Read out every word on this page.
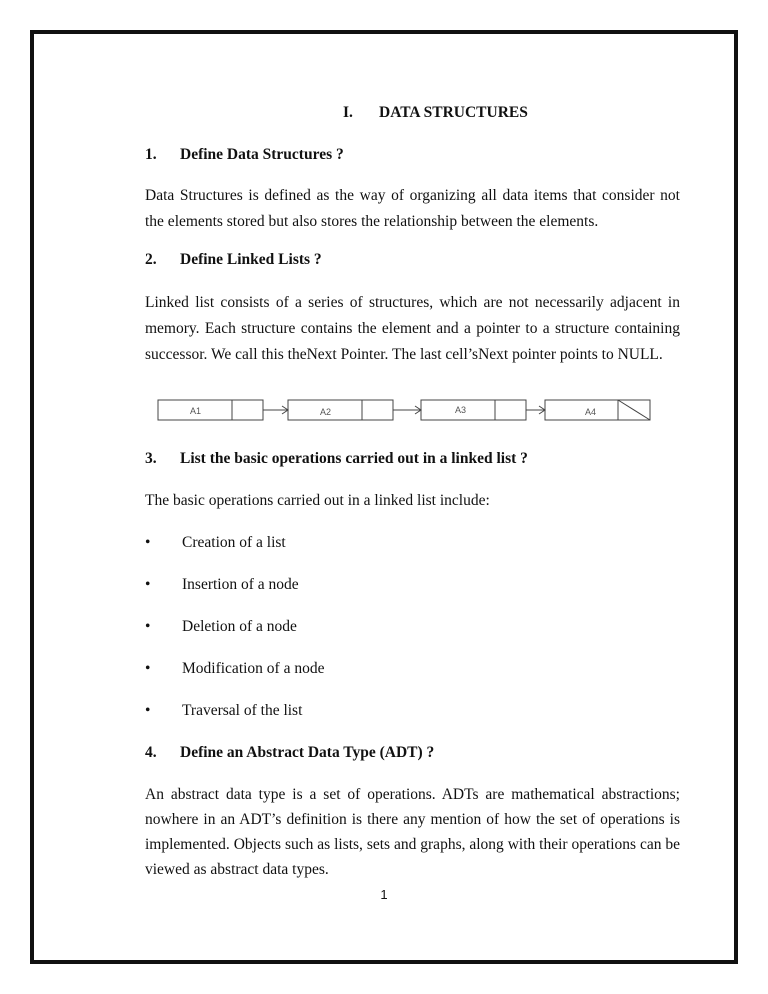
I. DATA STRUCTURES
1. Define Data Structures ?
Data Structures is defined as the way of organizing all data items that consider not
the elements stored but also stores the relationship between the elements.
2. Define Linked Lists ?
Linked list consists of a series of structures, which are not necessarily adjacent in
memory. Each structure contains the element and a pointer to a structure containing
successor. We call this theNext Pointer. The last cell’sNext pointer points to NULL.
A1	A2	A3	A4
3. List the basic operations carried out in a linked list ?
The basic operations carried out in a linked list include:
• Creation of a list
• Insertion of a node
• Deletion of a node
• Modification of a node
• Traversal of the list
4. Define an Abstract Data Type (ADT) ?
An abstract data type is a set of operations. ADTs are mathematical abstractions;
nowhere in an ADT’s definition is there any mention of how the set of operations is
implemented. Objects such as lists, sets and graphs, along with their operations can be
viewed as abstract data types.
1
